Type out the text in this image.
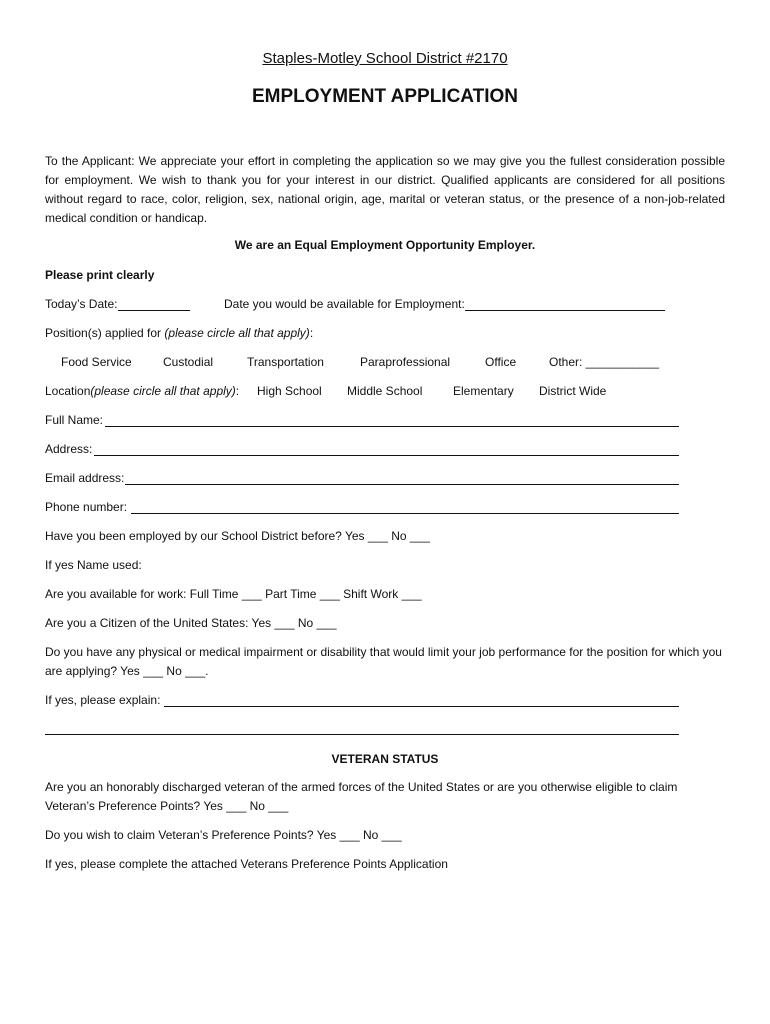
Staples-Motley School District #2170
EMPLOYMENT APPLICATION
To the Applicant: We appreciate your effort in completing the application so we may give you the fullest consideration possible for employment. We wish to thank you for your interest in our district. Qualified applicants are considered for all positions without regard to race, color, religion, sex, national origin, age, marital or veteran status, or the presence of a non-job-related medical condition or handicap.
We are an Equal Employment Opportunity Employer.
Please print clearly
Today’s Date:	Date you would be available for Employment:
Position(s) applied for (please circle all that apply):
Food Service	Custodial	Transportation	Paraprofessional	Office	Other: ___________
Location(please circle all that apply): High School Middle School	Elementary District Wide
Full Name:
Address:
Email address:
Phone number:
Have you been employed by our School District before? Yes ___ No ___
If yes Name used:
Are you available for work: Full Time ___ Part Time ___ Shift Work ___
Are you a Citizen of the United States: Yes ___ No ___
Do you have any physical or medical impairment or disability that would limit your job performance for the position for which you are applying? Yes ___ No ___.
If yes, please explain:
VETERAN STATUS
Are you an honorably discharged veteran of the armed forces of the United States or are you otherwise eligible to claim Veteran’s Preference Points? Yes ___ No ___
Do you wish to claim Veteran’s Preference Points? Yes ___ No ___
If yes, please complete the attached Veterans Preference Points Application
